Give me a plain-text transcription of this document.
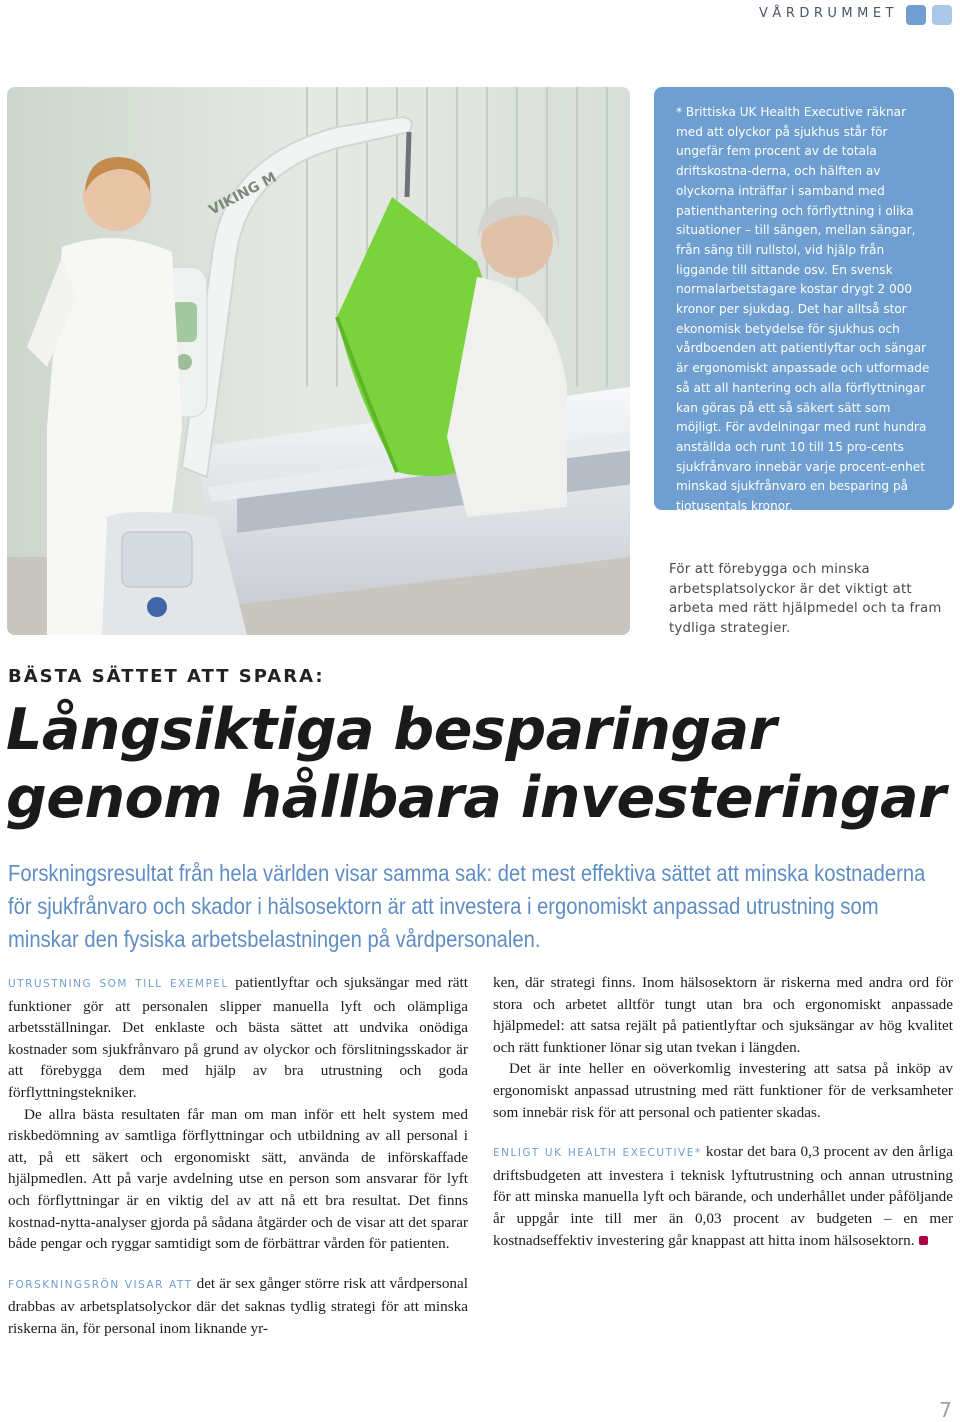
VÅRDRUMMET
VIKING M
* Brittiska UK Health Executive räknar med att olyckor på sjukhus står för ungefär fem procent av de totala driftskostna-derna, och hälften av olyckorna inträffar i samband med patienthantering och förflyttning i olika situationer – till sängen, mellan sängar, från säng till rullstol, vid hjälp från liggande till sittande osv. En svensk normalarbetstagare kostar drygt 2 000 kronor per sjukdag. Det har alltså stor ekonomisk betydelse för sjukhus och vårdboenden att patientlyftar och sängar är ergonomiskt anpassade och utformade så att all hantering och alla förflyttningar kan göras på ett så säkert sätt som möjligt. För avdelningar med runt hundra anställda och runt 10 till 15 pro-cents sjukfrånvaro innebär varje procent-enhet minskad sjukfrånvaro en besparing på tiotusentals kronor.
För att förebygga och minska arbetsplatsolyckor är det viktigt att arbeta med rätt hjälpmedel och ta fram tydliga strategier.
BÄSTA SÄTTET ATT SPARA:
Långsiktiga besparingar
genom hållbara investeringar
Forskningsresultat från hela världen visar samma sak: det mest effektiva sättet att minska kostnaderna för sjukfrånvaro och skador i hälsosektorn är att investera i ergonomiskt anpassad utrustning som minskar den fysiska arbetsbelastningen på vårdpersonalen.

UTRUSTNING SOM TILL EXEMPEL patientlyftar och sjuksängar med rätt funktioner gör att personalen slipper manuella lyft och olämpliga arbetsställningar. Det enklaste och bästa sättet att undvika onödiga kostnader som sjukfrånvaro på grund av olyckor och förslitningsskador är att förebygga dem med hjälp av bra utrustning och goda förflyttningstekniker.

De allra bästa resultaten får man om man inför ett helt system med riskbedömning av samtliga förflyttningar och utbildning av all personal i att, på ett säkert och ergonomiskt sätt, använda de införskaffade hjälpmedlen. Att på varje avdelning utse en person som ansvarar för lyft och förflyttningar är en viktig del av att nå ett bra resultat. Det finns kostnad-nytta-analyser gjorda på sådana åtgärder och de visar att det sparar både pengar och ryggar samtidigt som de förbättrar vården för patienten.

FORSKNINGSRÖN VISAR ATT det är sex gånger större risk att vårdpersonal drabbas av arbetsplatsolyckor där det saknas tydlig strategi för att minska riskerna än, för personal inom liknande yr-

ken, där strategi finns. Inom hälsosektorn är riskerna med andra ord för stora och arbetet alltför tungt utan bra och ergonomiskt anpassade hjälpmedel: att satsa rejält på patientlyftar och sjuksängar av hög kvalitet och rätt funktioner lönar sig utan tvekan i längden.

Det är inte heller en oöverkomlig investering att satsa på inköp av ergonomiskt anpassad utrustning med rätt funktioner för de verksamheter som innebär risk för att personal och patienter skadas.

ENLIGT UK HEALTH EXECUTIVE* kostar det bara 0,3 procent av den årliga driftsbudgeten att investera i teknisk lyftutrustning och annan utrustning för att minska manuella lyft och bärande, och underhållet under påföljande år uppgår inte till mer än 0,03 procent av budgeten – en mer kostnadseffektiv investering går knappast att hitta inom hälsosektorn.

7
